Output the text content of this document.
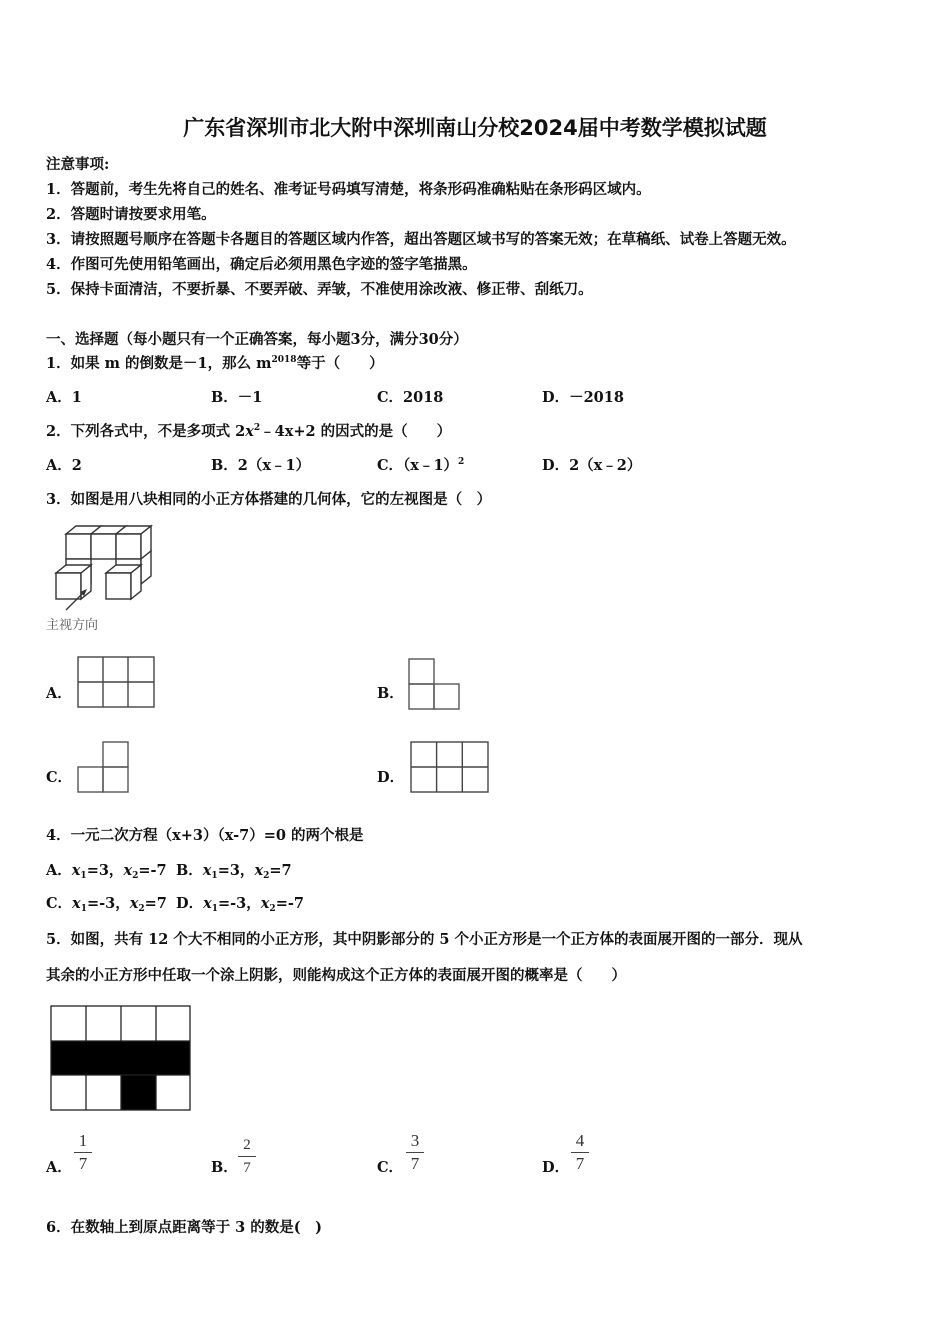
广东省深圳市北大附中深圳南山分校2024届中考数学模拟试题
注意事项:
1．答题前，考生先将自己的姓名、准考证号码填写清楚，将条形码准确粘贴在条形码区域内。
2．答题时请按要求用笔。
3．请按照题号顺序在答题卡各题目的答题区域内作答，超出答题区域书写的答案无效；在草稿纸、试卷上答题无效。
4．作图可先使用铅笔画出，确定后必须用黑色字迹的签字笔描黑。
5．保持卡面清洁，不要折暴、不要弄破、弄皱，不准使用涂改液、修正带、刮纸刀。
一、选择题（每小题只有一个正确答案，每小题3分，满分30分）
1．如果 m 的倒数是－1，那么 $m^{2018}$等于（　　）
A．1	B．－1	C．2018	D．－2018
2．下列各式中，不是多项式 $2x^2﹣4x+2$ 的因式的是（　　）
A．2	B．2（x﹣1）	C．（x﹣1）$^2$	D．2（x﹣2）
3．如图是用八块相同的小正方体搭建的几何体，它的左视图是（　）
主视方向
A．	B．
C．	D．
4．一元二次方程（x+3）（x-7）=0 的两个根是
A．$x_1=3$，$x_2=-7$ B．$x_1=3$，$x_2=7$
C．$x_1=-3$，$x_2=7$ D．$x_1=-3$，$x_2=-7$
5．如图，共有 12 个大不相同的小正方形，其中阴影部分的 5 个小正方形是一个正方体的表面展开图的一部分．现从
其余的小正方形中任取一个涂上阴影，则能构成这个正方体的表面展开图的概率是（　　）
A．
1
7	B．
2
7	C．
3
7	D．
4
7
6．在数轴上到原点距离等于 3 的数是(　)
